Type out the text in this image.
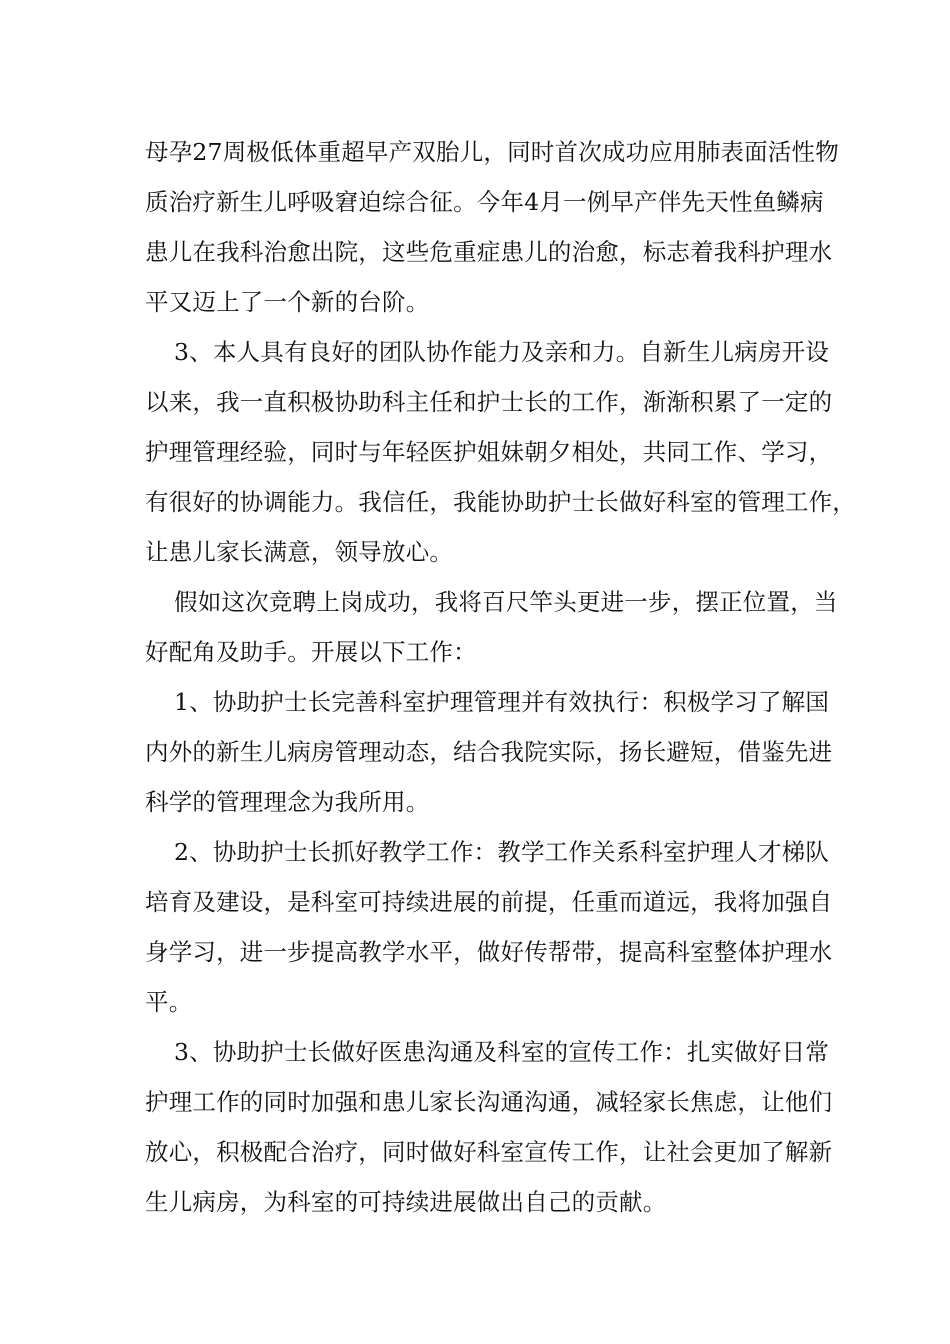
母孕27周极低体重超早产双胎儿，同时首次成功应用肺表面活性物
质治疗新生儿呼吸窘迫综合征。今年4月一例早产伴先天性鱼鳞病
患儿在我科治愈出院，这些危重症患儿的治愈，标志着我科护理水
平又迈上了一个新的台阶。
3、本人具有良好的团队协作能力及亲和力。自新生儿病房开设
以来，我一直积极协助科主任和护士长的工作，渐渐积累了一定的
护理管理经验，同时与年轻医护姐妹朝夕相处，共同工作、学习，
有很好的协调能力。我信任，我能协助护士长做好科室的管理工作，
让患儿家长满意，领导放心。
假如这次竞聘上岗成功，我将百尺竿头更进一步，摆正位置，当
好配角及助手。开展以下工作：
1、协助护士长完善科室护理管理并有效执行：积极学习了解国
内外的新生儿病房管理动态，结合我院实际，扬长避短，借鉴先进
科学的管理理念为我所用。
2、协助护士长抓好教学工作：教学工作关系科室护理人才梯队
培育及建设，是科室可持续进展的前提，任重而道远，我将加强自
身学习，进一步提高教学水平，做好传帮带，提高科室整体护理水
平。
3、协助护士长做好医患沟通及科室的宣传工作：扎实做好日常
护理工作的同时加强和患儿家长沟通沟通，减轻家长焦虑，让他们
放心，积极配合治疗，同时做好科室宣传工作，让社会更加了解新
生儿病房，为科室的可持续进展做出自己的贡献。
